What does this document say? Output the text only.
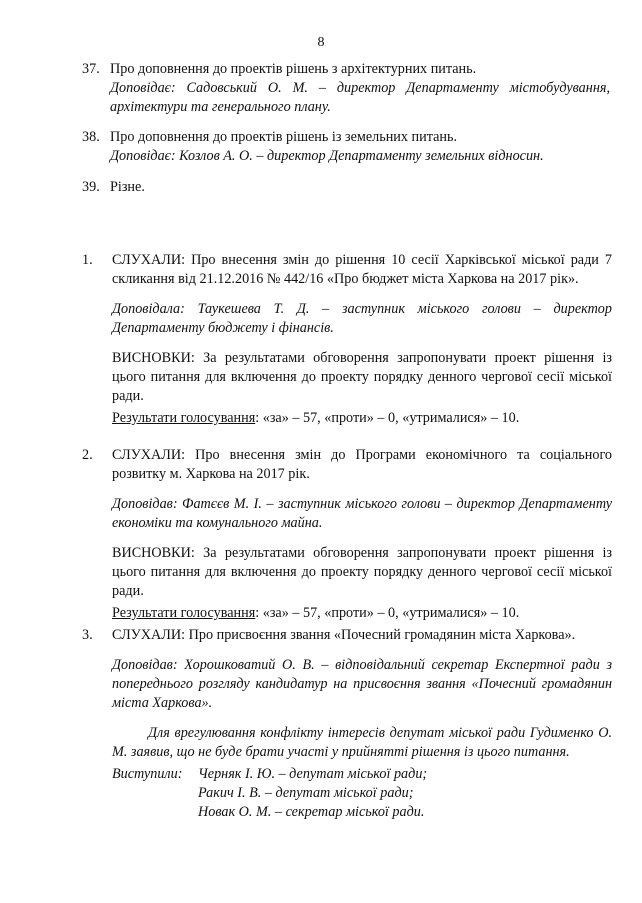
8
37. Про доповнення до проектів рішень з архітектурних питань.
Доповідає: Садовський О. М. – директор Департаменту містобудування, архітектури та генерального плану.
38. Про доповнення до проектів рішень із земельних питань.
Доповідає: Козлов А. О. – директор Департаменту земельних відносин.
39. Різне.
1. СЛУХАЛИ: Про внесення змін до рішення 10 сесії Харківської міської ради 7 скликання від 21.12.2016 № 442/16 «Про бюджет міста Харкова на 2017 рік».

Доповідала: Таукешева Т. Д. – заступник міського голови – директор Департаменту бюджету і фінансів.

ВИСНОВКИ: За результатами обговорення запропонувати проект рішення із цього питання для включення до проекту порядку денного чергової сесії міської ради.

Результати голосування: «за» – 57, «проти» – 0, «утрималися» – 10.

2. СЛУХАЛИ: Про внесення змін до Програми економічного та соціального розвитку м. Харкова на 2017 рік.

Доповідав: Фатєєв М. І. – заступник міського голови – директор Департаменту економіки та комунального майна.

ВИСНОВКИ: За результатами обговорення запропонувати проект рішення із цього питання для включення до проекту порядку денного чергової сесії міської ради.

Результати голосування: «за» – 57, «проти» – 0, «утрималися» – 10.

3. СЛУХАЛИ: Про присвоєння звання «Почесний громадянин міста Харкова».

Доповідав: Хорошковатий О. В. – відповідальний секретар Експертної ради з попереднього розгляду кандидатур на присвоєння звання «Почесний громадянин міста Харкова».

Для врегулювання конфлікту інтересів депутат міської ради Гудименко О. М. заявив, що не буде брати участі у прийнятті рішення із цього питання.

Виступили:	Черняк І. Ю. – депутат міської ради;
Ракич І. В. – депутат міської ради;
Новак О. М. – секретар міської ради.
